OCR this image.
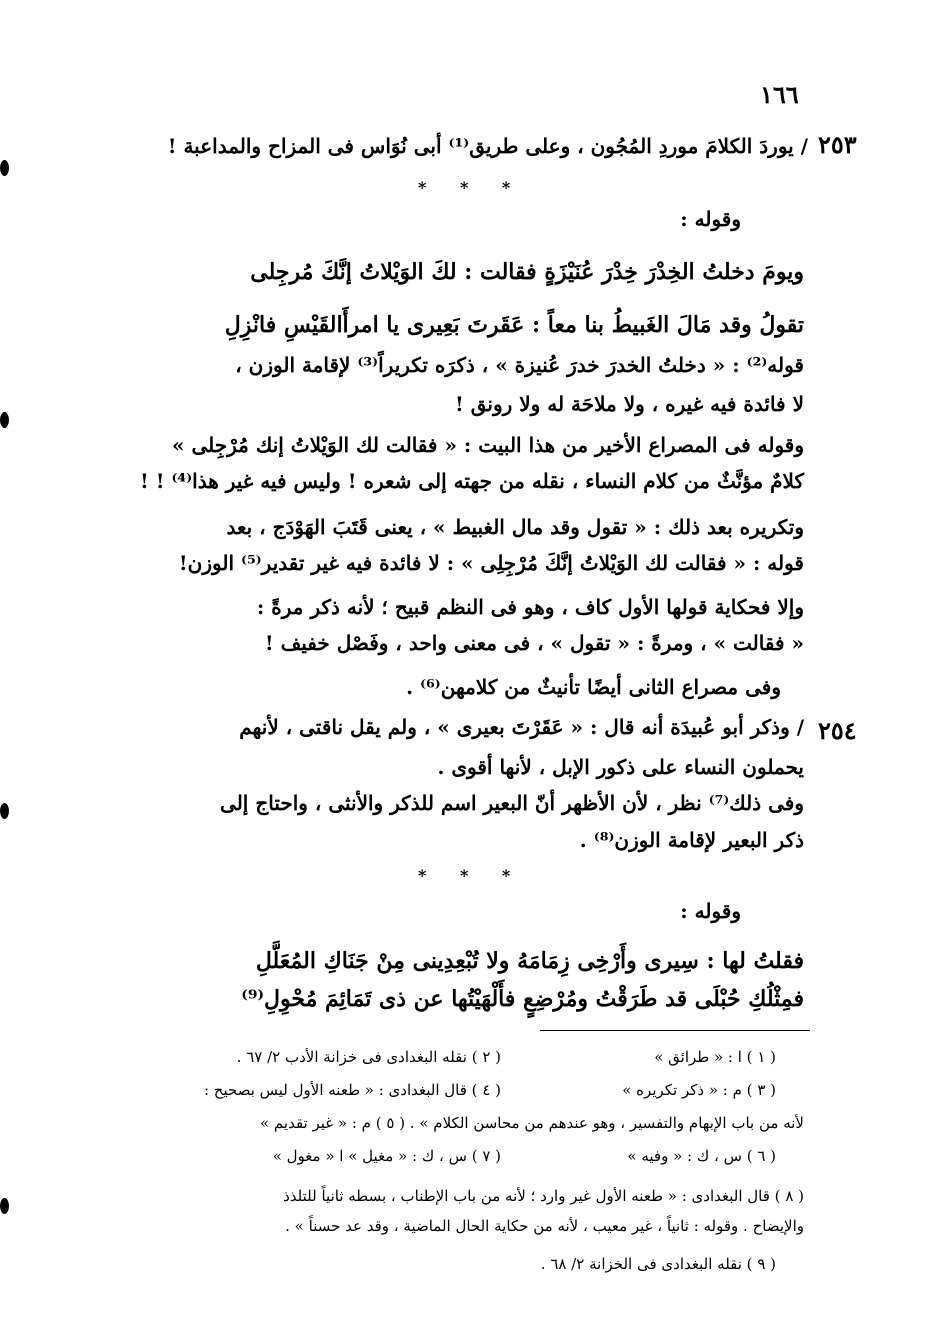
١٦٦
٢٥٣
/ يوردَ الكلامَ موردِ المُجُون ، وعلى طريق⁽¹⁾ أبى نُوَاس فى المزاح والمداعبة !
* * *
وقوله :
ويومَ دخلتُ الخِدْرَ خِدْرَ عُنَيْزَةٍ فقالت : لكَ الوَيْلاتُ إنَّكَ مُرجِلى
تقولُ وقد مَالَ الغَبيطُ بنا معاً : عَقَرتَ بَعِيرى يا امرأَالقَيْسِ فانْزِلِ
قوله⁽²⁾ : « دخلتُ الخدرَ خدرَ عُنيزة » ، ذكرَه تكريراً⁽³⁾ لإقامة الوزن ،
لا فائدة فيه غيره ، ولا ملاحَة له ولا رونق !
وقوله فى المصراع الأخير من هذا البيت : « فقالت لك الوَيْلاتُ إنك مُرْجِلى »
كلامٌ مؤنَّثٌ من كلام النساء ، نقله من جهته إلى شعره ! وليس فيه غير هذا⁽⁴⁾ ! !
وتكريره بعد ذلك : « تقول وقد مال الغبيط » ، يعنى قَتَبَ الهَوْدَج ، بعد
قوله : « فقالت لك الوَيْلاتُ إنَّكَ مُرْجِلِى » : لا فائدة فيه غير تقدير⁽⁵⁾ الوزن!
وإلا فحكاية قولها الأول كاف ، وهو فى النظم قبيح ؛ لأنه ذكر مرةً :
« فقالت » ، ومرةً : « تقول » ، فى معنى واحد ، وفَصْل خفيف !
وفى مصراع الثانى أيضًا تأنيثٌ من كلامهن⁽⁶⁾ .
٢٥٤
/ وذكر أبو عُبيدَة أنه قال : « عَقَرْتَ بعيرى » ، ولم يقل ناقتى ، لأنهم
يحملون النساء على ذكور الإبل ، لأنها أقوى .
وفى ذلك⁽⁷⁾ نظر ، لأن الأظهر أنّ البعير اسم للذكر والأنثى ، واحتاج إلى
ذكر البعير لإقامة الوزن⁽⁸⁾ .
* * *
وقوله :
فقلتُ لها : سِيرى وأَرْخِى زِمَامَهُ ولا تُبْعِدِينى مِنْ جَنَاكِ المُعَلَّلِ
فمِثْلُكِ حُبْلَى قد طَرَقْتُ ومُرْضِعٍ فأَلْهَيْتُها عن ذى تَمَائِمَ مُحْوِلِ⁽⁹⁾
( ١ ) ا : « طرائق »
( ٢ ) نقله البغدادى فى خزانة الأدب ٢/ ٦٧ .
( ٣ ) م : « ذكر تكريره »
( ٤ ) قال البغدادى : « طعنه الأول ليس بصحيح :
لأنه من باب الإبهام والتفسير ، وهو عندهم من محاسن الكلام » . ( ٥ ) م : « غير تقديم »
( ٦ ) س ، ك : « وفيه »
( ٧ ) س ، ك : « مغيل » ا « مغول »
( ٨ ) قال البغدادى : « طعنه الأول غير وارد ؛ لأنه من باب الإطناب ، بسطه ثانياً للتلذذ
والإيضاح . وقوله : ثانياً ، غير معيب ، لأنه من حكاية الحال الماضية ، وقد عد حسناً » .
( ٩ ) نقله البغدادى فى الخزانة ٢/ ٦٨ .
